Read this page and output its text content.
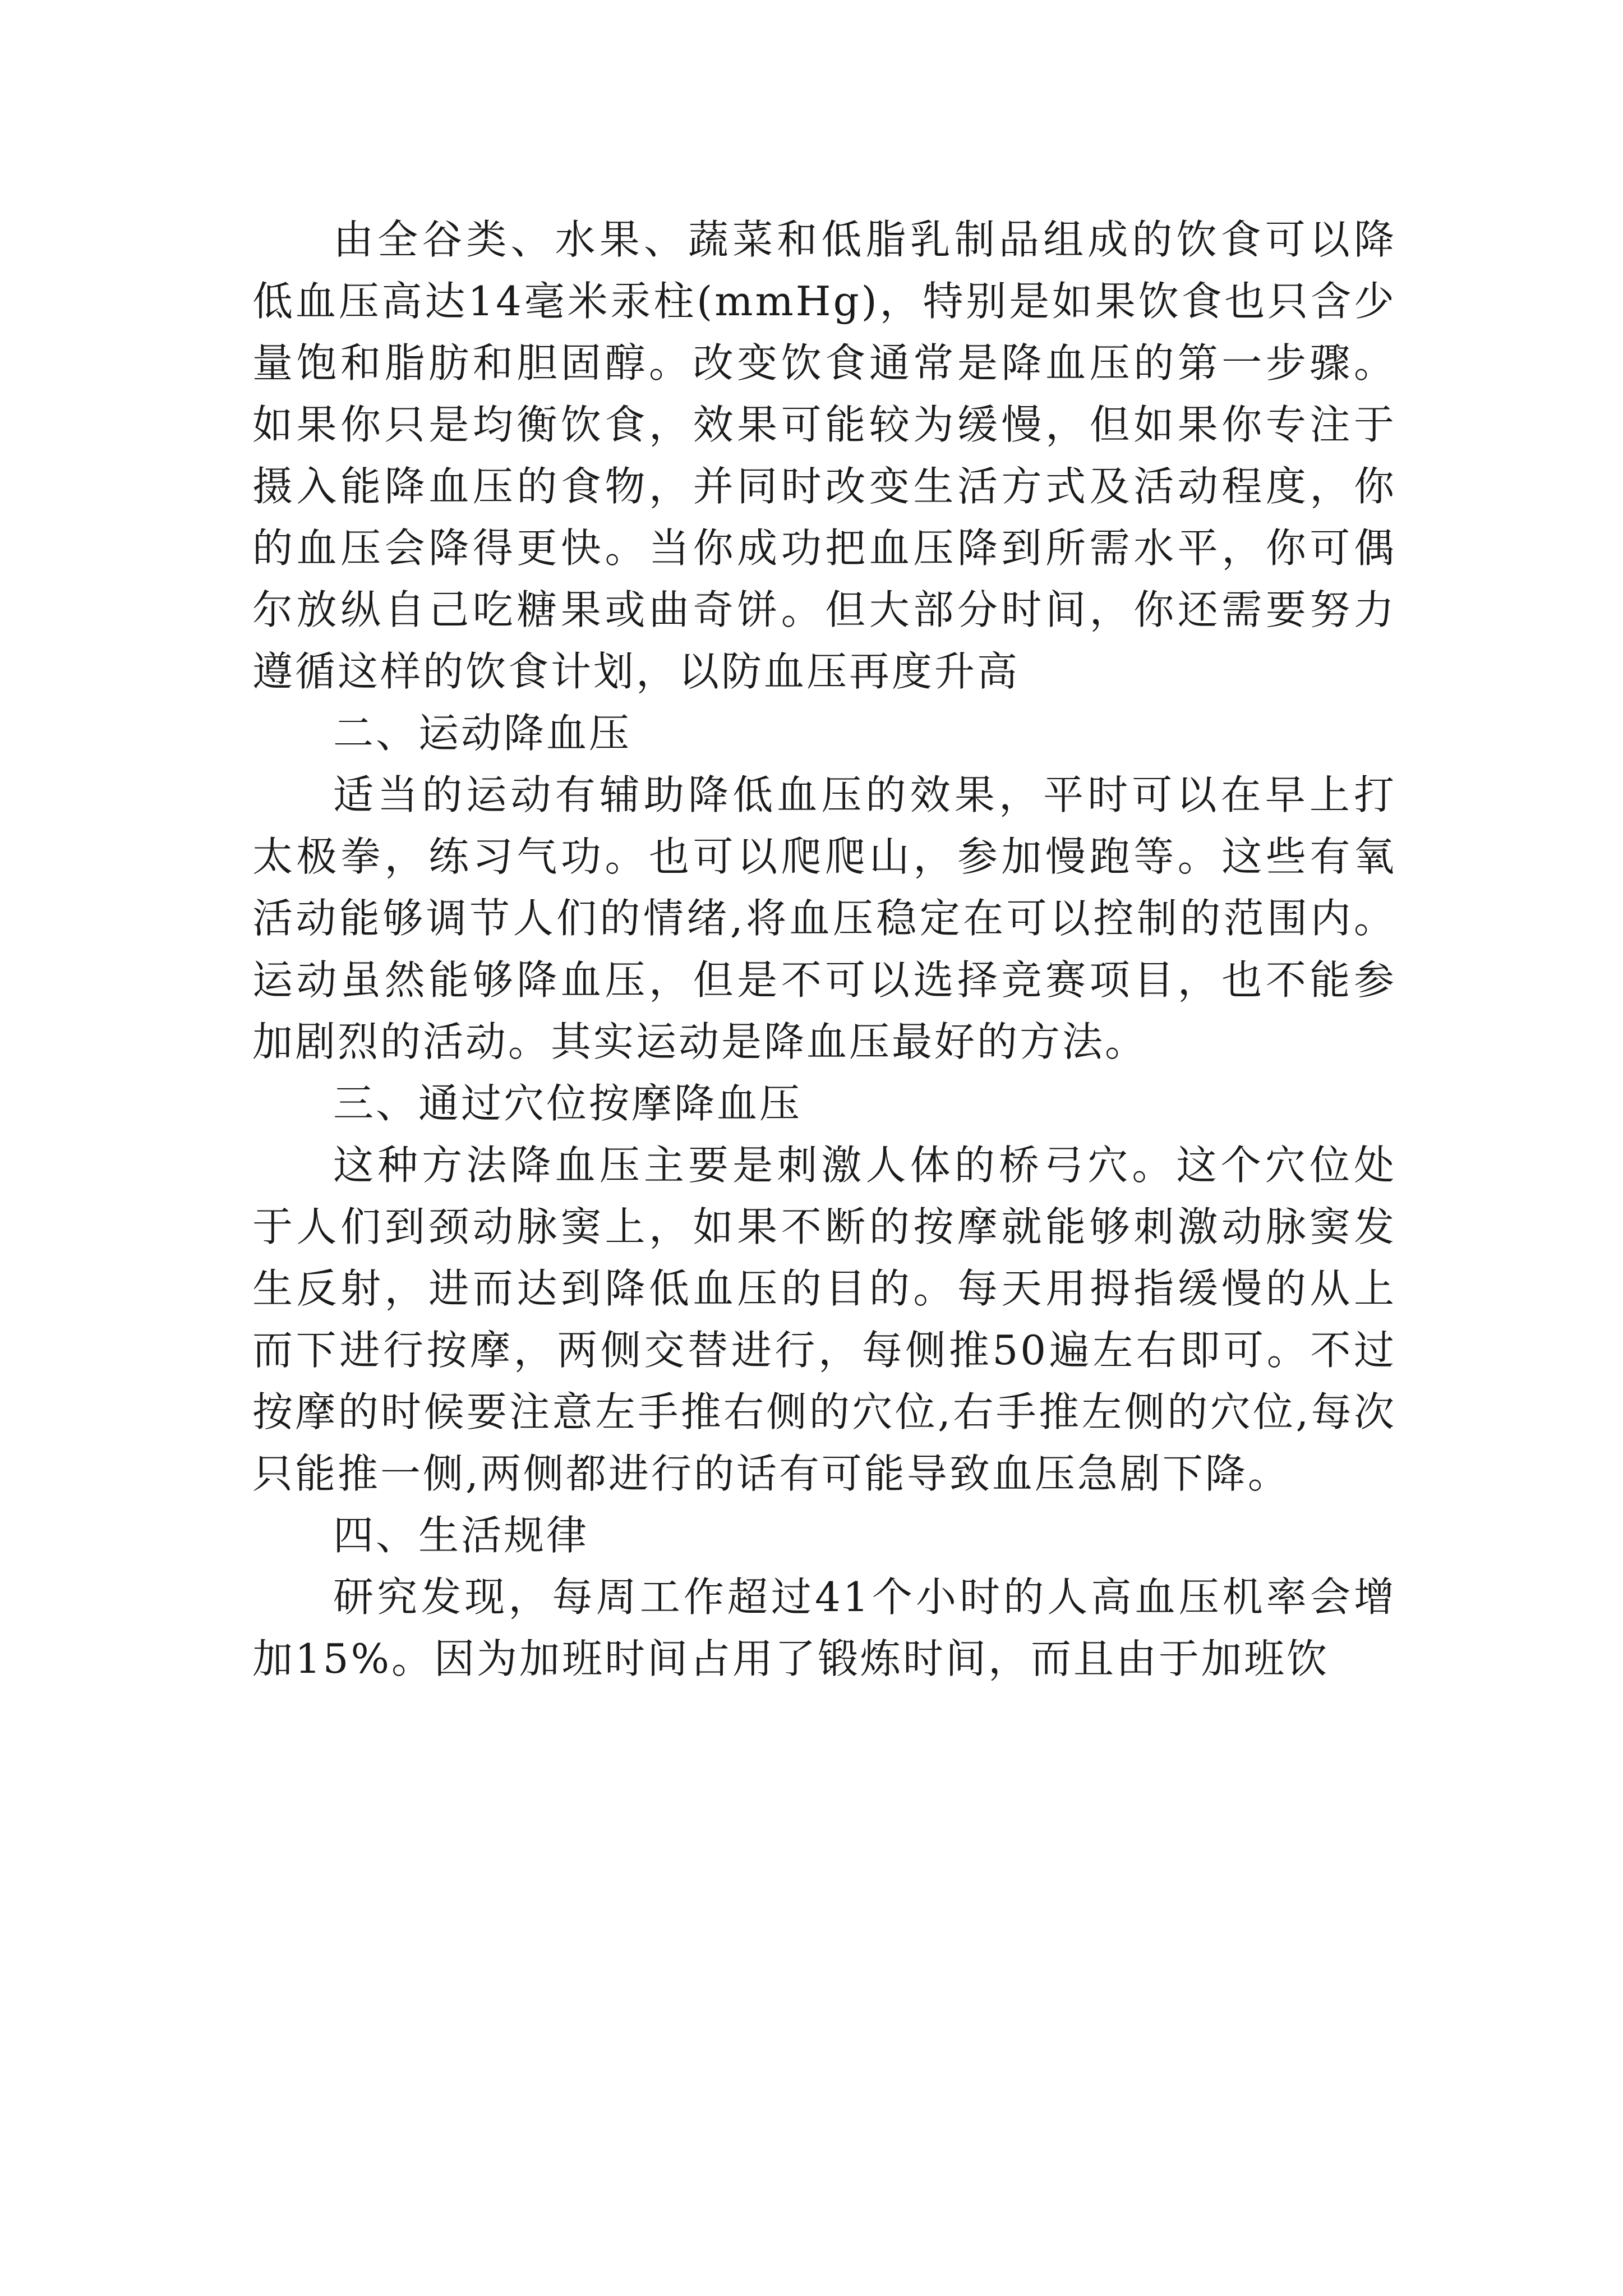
由全谷类、水果、蔬菜和低脂乳制品组成的饮食可以降低血压高达14毫米汞柱(mmHg)，特别是如果饮食也只含少量饱和脂肪和胆固醇。改变饮食通常是降血压的第一步骤。如果你只是均衡饮食，效果可能较为缓慢，但如果你专注于摄入能降血压的食物，并同时改变生活方式及活动程度，你的血压会降得更快。当你成功把血压降到所需水平，你可偶尔放纵自己吃糖果或曲奇饼。但大部分时间，你还需要努力遵循这样的饮食计划，以防血压再度升高

二、运动降血压

适当的运动有辅助降低血压的效果，平时可以在早上打太极拳，练习气功。也可以爬爬山，参加慢跑等。这些有氧活动能够调节人们的情绪,将血压稳定在可以控制的范围内。运动虽然能够降血压，但是不可以选择竞赛项目，也不能参加剧烈的活动。其实运动是降血压最好的方法。

三、通过穴位按摩降血压

这种方法降血压主要是刺激人体的桥弓穴。这个穴位处于人们到颈动脉窦上，如果不断的按摩就能够刺激动脉窦发生反射，进而达到降低血压的目的。每天用拇指缓慢的从上而下进行按摩，两侧交替进行，每侧推50遍左右即可。不过按摩的时候要注意左手推右侧的穴位,右手推左侧的穴位,每次只能推一侧,两侧都进行的话有可能导致血压急剧下降。

四、生活规律

研究发现，每周工作超过41个小时的人高血压机率会增加15%。因为加班时间占用了锻炼时间，而且由于加班饮
